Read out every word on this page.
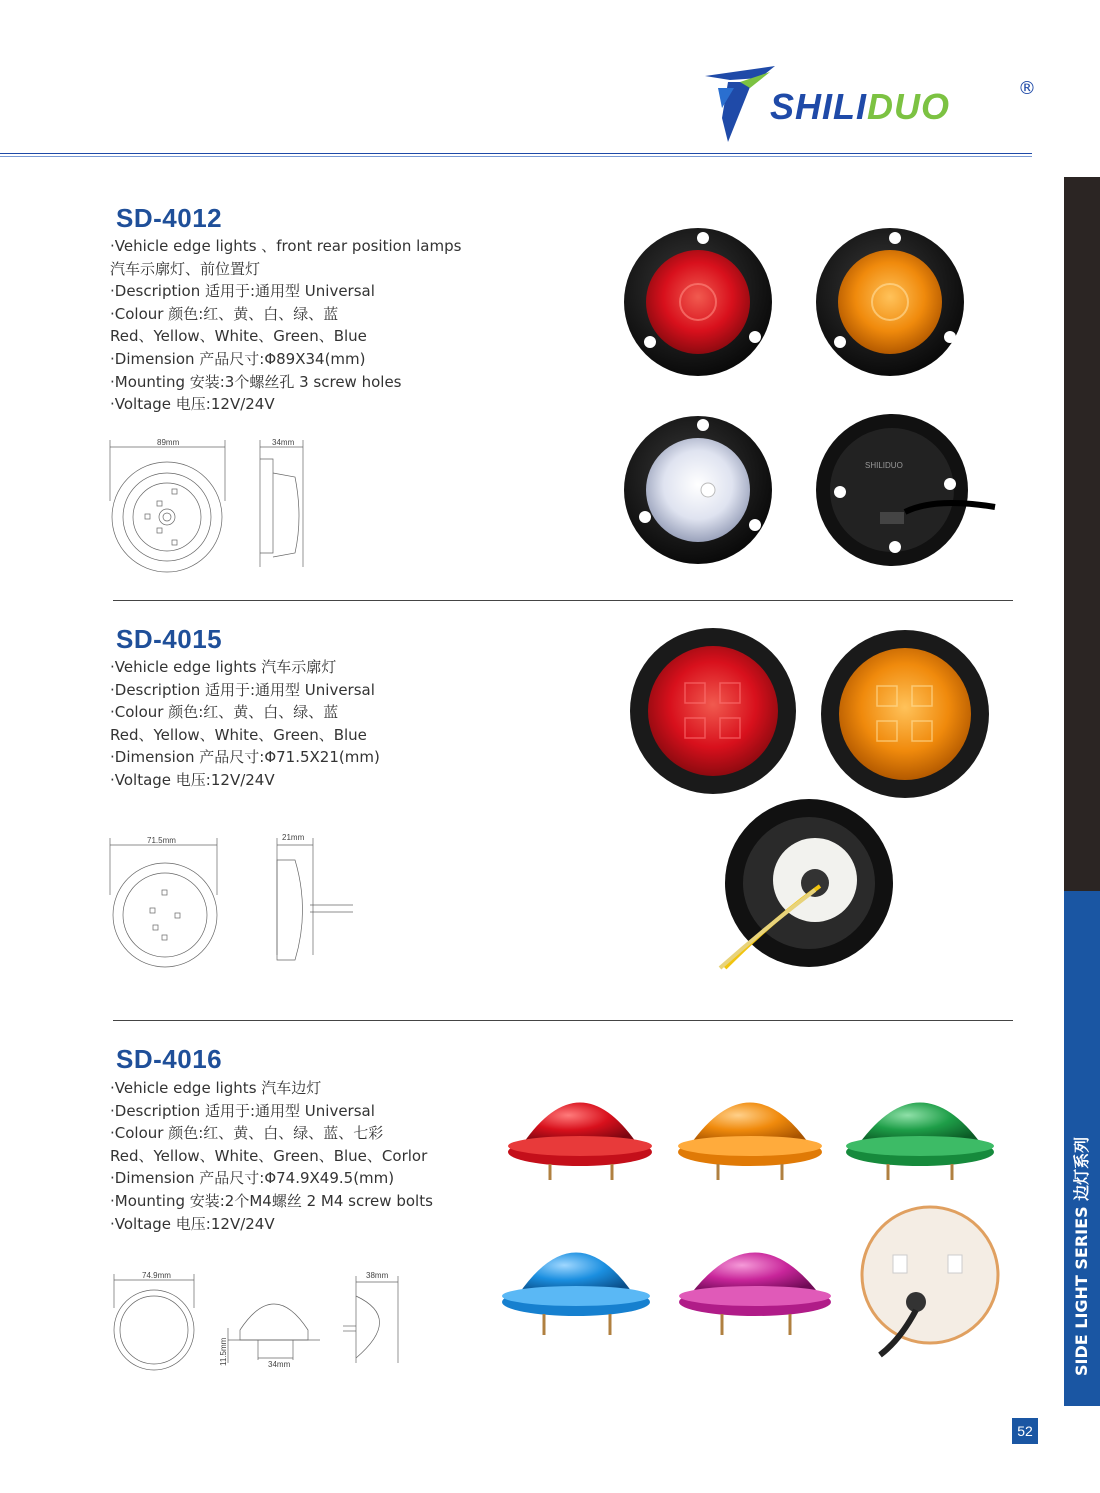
SHILIDUO	®
SIDE LIGHT SERIES 边灯系列
52
SD-4012
·Vehicle edge lights 、front rear position lamps
汽车示廓灯、前位置灯
·Description 适用于:通用型 Universal
·Colour 颜色:红、黄、白、绿、蓝
Red、Yellow、White、Green、Blue
·Dimension 产品尺寸:Φ89X34(mm)
·Mounting 安装:3个螺丝孔 3 screw holes
·Voltage 电压:12V/24V
89mm	34mm
SHILIDUO
SD-4015
·Vehicle edge lights 汽车示廓灯
·Description 适用于:通用型 Universal
·Colour 颜色:红、黄、白、绿、蓝
Red、Yellow、White、Green、Blue
·Dimension 产品尺寸:Φ71.5X21(mm)
·Voltage 电压:12V/24V
71.5mm	21mm
SD-4016
·Vehicle edge lights 汽车边灯
·Description 适用于:通用型 Universal
·Colour 颜色:红、黄、白、绿、蓝、七彩
Red、Yellow、White、Green、Blue、Corlor
·Dimension 产品尺寸:Φ74.9X49.5(mm)
·Mounting 安装:2个M4螺丝 2 M4 screw bolts
·Voltage 电压:12V/24V
74.9mm	38mm
11.5mm	34mm
